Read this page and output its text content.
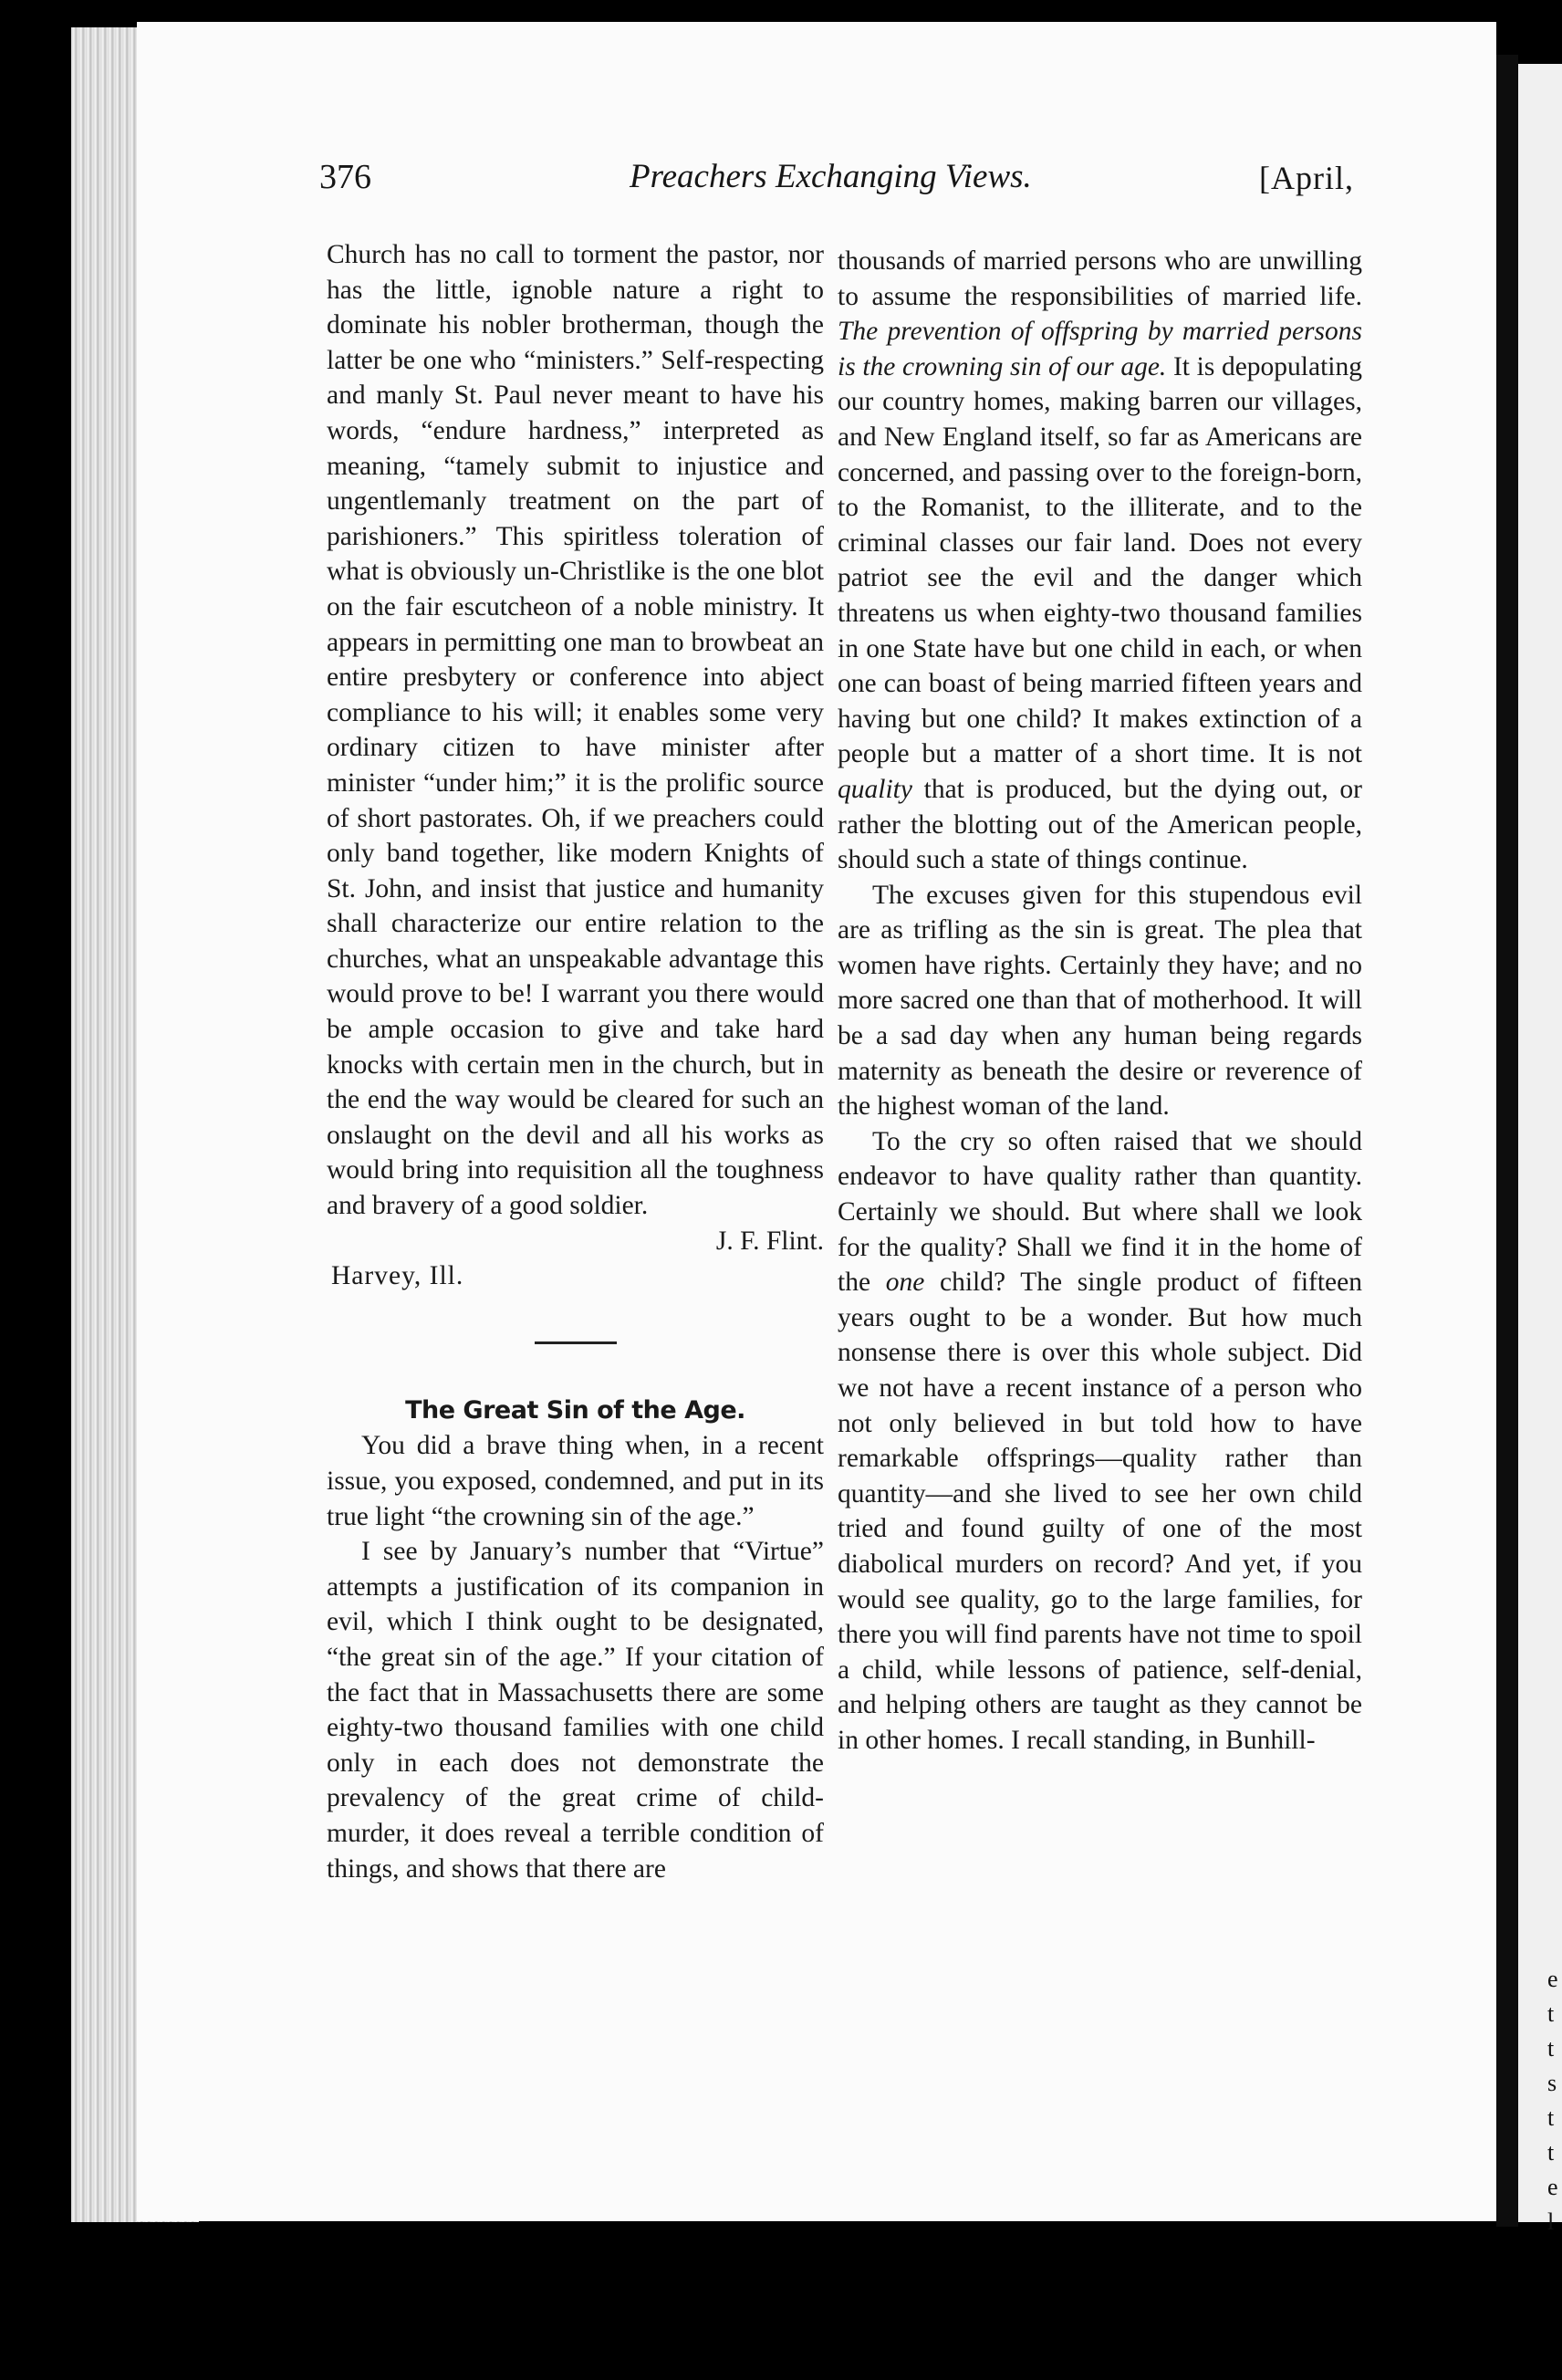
376	Preachers Exchanging Views.	[April,

Church has no call to torment the pastor, nor has the little, ignoble nature a right to dominate his nobler brotherman, though the latter be one who “ministers.” Self-respecting and manly St. Paul never meant to have his words, “endure hardness,” interpreted as meaning, “tamely submit to injustice and ungentlemanly treatment on the part of parishioners.” This spiritless toleration of what is obviously un-Christlike is the one blot on the fair escutcheon of a noble ministry. It appears in permitting one man to browbeat an entire presbytery or conference into abject compliance to his will; it enables some very ordinary citizen to have minister after minister “under him;” it is the prolific source of short pastorates. Oh, if we preachers could only band together, like modern Knights of St. John, and insist that justice and humanity shall characterize our entire relation to the churches, what an unspeakable advantage this would prove to be! I warrant you there would be ample occasion to give and take hard knocks with certain men in the church, but in the end the way would be cleared for such an onslaught on the devil and all his works as would bring into requisition all the toughness and bravery of a good soldier.

J. F. Flint.

Harvey, Ill.

The Great Sin of the Age.

You did a brave thing when, in a recent issue, you exposed, condemned, and put in its true light “the crowning sin of the age.”

I see by January’s number that “Virtue” attempts a justification of its companion in evil, which I think ought to be designated, “the great sin of the age.” If your citation of the fact that in Massachusetts there are some eighty-two thousand families with one child only in each does not demonstrate the prevalency of the great crime of child-murder, it does reveal a terrible condition of things, and shows that there are

thousands of married persons who are unwilling to assume the responsibilities of married life. The prevention of offspring by married persons is the crowning sin of our age. It is depopulating our country homes, making barren our villages, and New England itself, so far as Americans are concerned, and passing over to the foreign-born, to the Romanist, to the illiterate, and to the criminal classes our fair land. Does not every patriot see the evil and the danger which threatens us when eighty-two thousand families in one State have but one child in each, or when one can boast of being married fifteen years and having but one child? It makes extinction of a people but a matter of a short time. It is not quality that is produced, but the dying out, or rather the blotting out of the American people, should such a state of things continue.

The excuses given for this stupendous evil are as trifling as the sin is great. The plea that women have rights. Certainly they have; and no more sacred one than that of motherhood. It will be a sad day when any human being regards maternity as beneath the desire or reverence of the highest woman of the land.

To the cry so often raised that we should endeavor to have quality rather than quantity. Certainly we should. But where shall we look for the quality? Shall we find it in the home of the one child? The single product of fifteen years ought to be a wonder. But how much nonsense there is over this whole subject. Did we not have a recent instance of a person who not only believed in but told how to have remarkable offsprings—quality rather than quantity—and she lived to see her own child tried and found guilty of one of the most diabolical murders on record? And yet, if you would see quality, go to the large families, for there you will find parents have not time to spoil a child, while lessons of patience, self-denial, and helping others are taught as they cannot be in other homes. I recall standing, in Bunhill-

e
t
t
s
t
t
e
l
